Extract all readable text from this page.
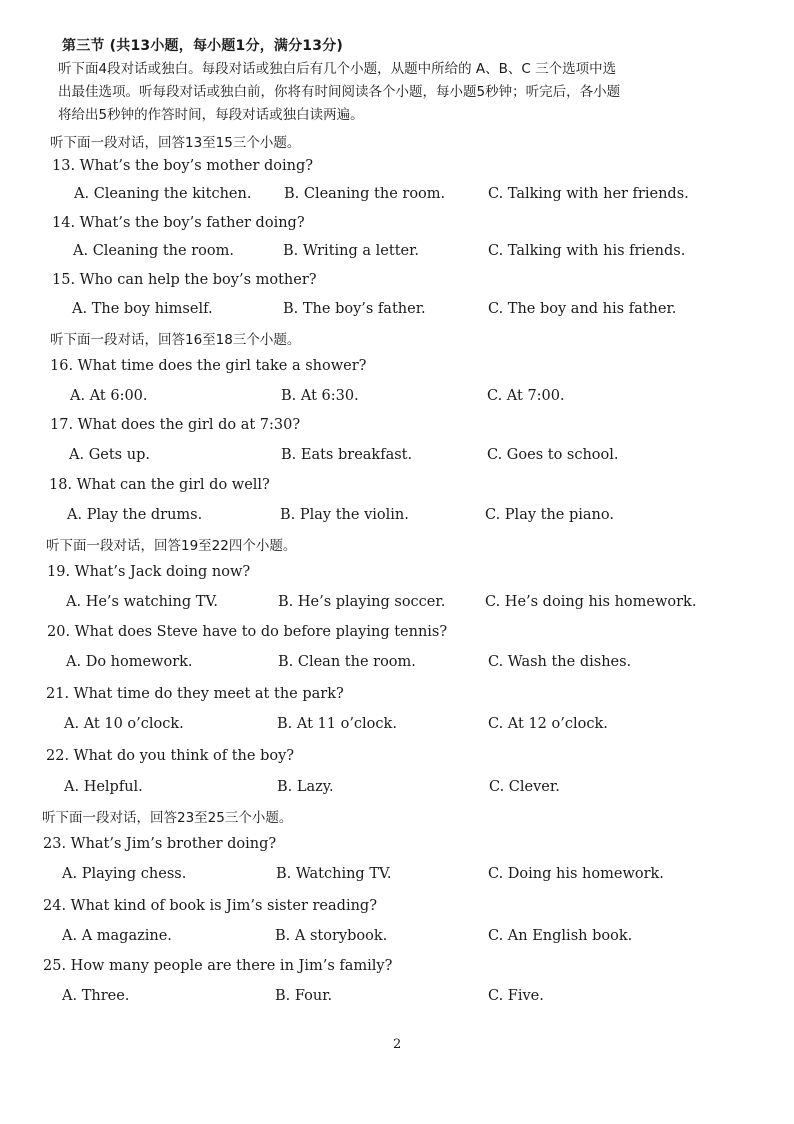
第三节 (共13小题，每小题1分，满分13分)

听下面4段对话或独白。每段对话或独白后有几个小题，从题中所给的 A、B、C 三个选项中选

出最佳选项。听每段对话或独白前，你将有时间阅读各个小题，每小题5秒钟；听完后，各小题

将给出5秒钟的作答时间，每段对话或独白读两遍。

听下面一段对话，回答13至15三个小题。
13. What’s the boy’s mother doing?
A. Cleaning the kitchen. B. Cleaning the room.	C. Talking with her friends.
14. What’s the boy’s father doing?
A. Cleaning the room.	B. Writing a letter.	C. Talking with his friends.
15. Who can help the boy’s mother?
A. The boy himself.	B. The boy’s father.	C. The boy and his father.
听下面一段对话，回答16至18三个小题。
16. What time does the girl take a shower?
A. At 6:00.	B. At 6:30.	C. At 7:00.
17. What does the girl do at 7:30?
A. Gets up.	B. Eats breakfast.	C. Goes to school.
18. What can the girl do well?
A. Play the drums.	B. Play the violin.	C. Play the piano.
听下面一段对话，回答19至22四个小题。
19. What’s Jack doing now?
A. He’s watching TV.	B. He’s playing soccer.	C. He’s doing his homework.
20. What does Steve have to do before playing tennis?
A. Do homework.	B. Clean the room.	C. Wash the dishes.
21. What time do they meet at the park?
A. At 10 o’clock.	B. At 11 o’clock.	C. At 12 o’clock.
22. What do you think of the boy?
A. Helpful.	B. Lazy.	C. Clever.
听下面一段对话，回答23至25三个小题。
23. What’s Jim’s brother doing?
A. Playing chess.	B. Watching TV.	C. Doing his homework.
24. What kind of book is Jim’s sister reading?
A. A magazine.	B. A storybook.	C. An English book.
25. How many people are there in Jim’s family?
A. Three.	B. Four.	C. Five.
2
